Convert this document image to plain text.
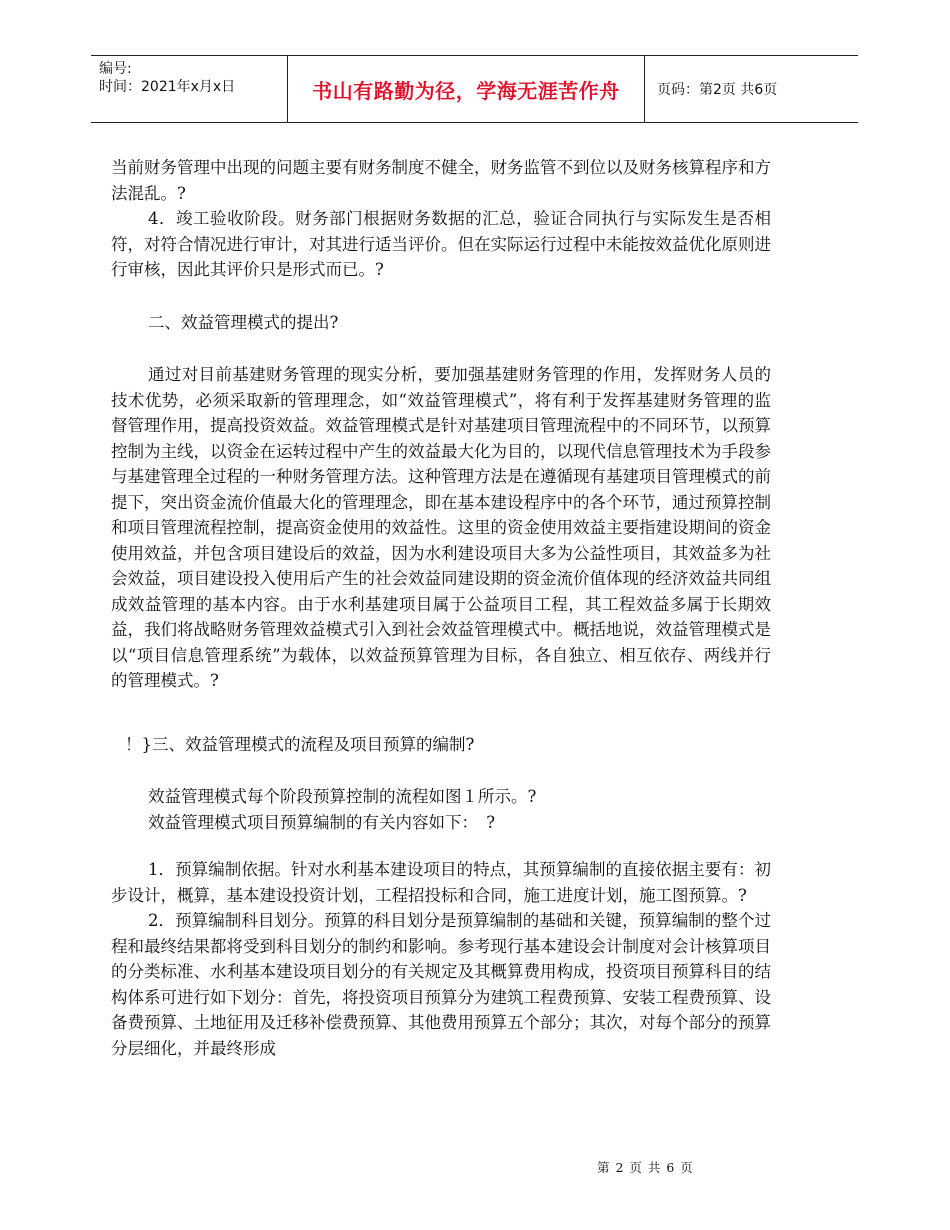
编号:
时间：2021年x月x日	书山有路勤为径，学海无涯苦作舟	页码：第2页 共6页

当前财务管理中出现的问题主要有财务制度不健全，财务监管不到位以及财务核算程序和方法混乱。?

4．竣工验收阶段。财务部门根据财务数据的汇总，验证合同执行与实际发生是否相符，对符合情况进行审计，对其进行适当评价。但在实际运行过程中未能按效益优化原则进行审核，因此其评价只是形式而已。?

二、效益管理模式的提出?

通过对目前基建财务管理的现实分析，要加强基建财务管理的作用，发挥财务人员的技术优势，必须采取新的管理理念，如“效益管理模式”，将有利于发挥基建财务管理的监督管理作用，提高投资效益。效益管理模式是针对基建项目管理流程中的不同环节，以预算控制为主线，以资金在运转过程中产生的效益最大化为目的，以现代信息管理技术为手段参与基建管理全过程的一种财务管理方法。这种管理方法是在遵循现有基建项目管理模式的前提下，突出资金流价值最大化的管理理念，即在基本建设程序中的各个环节，通过预算控制和项目管理流程控制，提高资金使用的效益性。这里的资金使用效益主要指建设期间的资金使用效益，并包含项目建设后的效益，因为水利建设项目大多为公益性项目，其效益多为社会效益，项目建设投入使用后产生的社会效益同建设期的资金流价值体现的经济效益共同组成效益管理的基本内容。由于水利基建项目属于公益项目工程，其工程效益多属于长期效益，我们将战略财务管理效益模式引入到社会效益管理模式中。概括地说，效益管理模式是以“项目信息管理系统”为载体，以效益预算管理为目标，各自独立、相互依存、两线并行的管理模式。?

！}三、效益管理模式的流程及项目预算的编制?

效益管理模式每个阶段预算控制的流程如图１所示。?

效益管理模式项目预算编制的有关内容如下：　?

1．预算编制依据。针对水利基本建设项目的特点，其预算编制的直接依据主要有：初步设计，概算，基本建设投资计划，工程招投标和合同，施工进度计划，施工图预算。?

2．预算编制科目划分。预算的科目划分是预算编制的基础和关键，预算编制的整个过程和最终结果都将受到科目划分的制约和影响。参考现行基本建设会计制度对会计核算项目的分类标准、水利基本建设项目划分的有关规定及其概算费用构成，投资项目预算科目的结构体系可进行如下划分：首先，将投资项目预算分为建筑工程费预算、安装工程费预算、设备费预算、土地征用及迁移补偿费预算、其他费用预算五个部分；其次，对每个部分的预算分层细化，并最终形成

第 2 页 共 6 页
